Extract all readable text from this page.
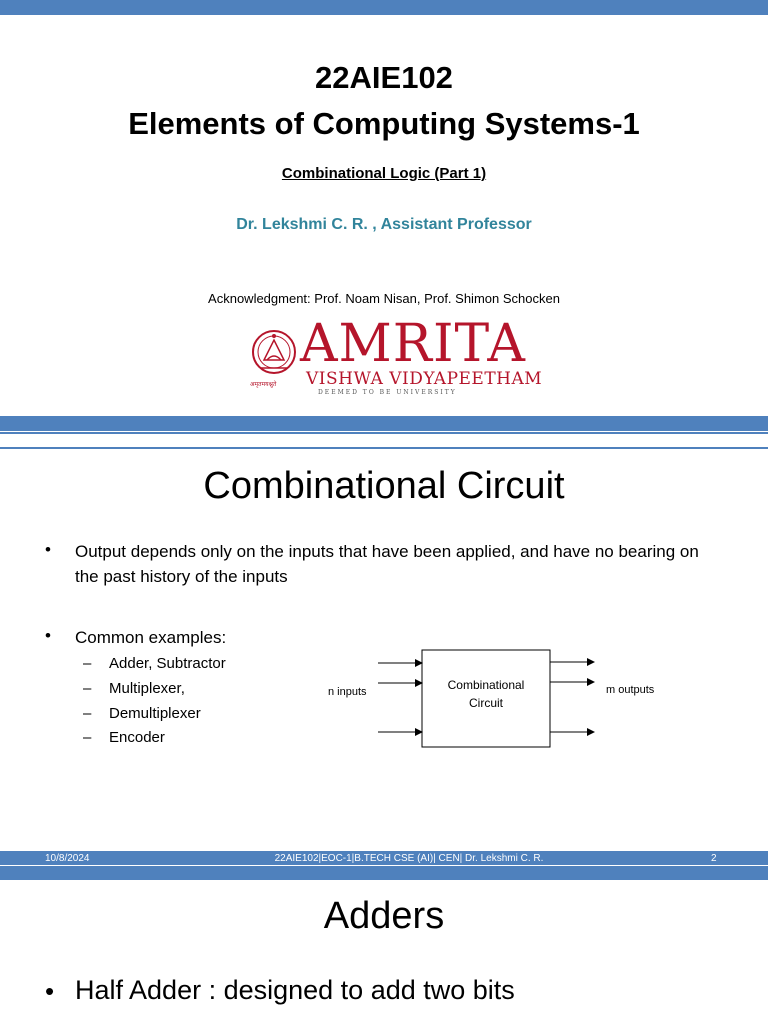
22AIE102
Elements of Computing Systems-1
Combinational Logic (Part 1)
Dr. Lekshmi C. R. , Assistant Professor
Acknowledgment: Prof. Noam Nisan, Prof. Shimon Schocken
AMRITA
VISHWA VIDYAPEETHAM
अमृतमयश्नुते
DEEMED TO BE UNIVERSITY
Combinational Circuit
• Output depends only on the inputs that have been applied, and have no bearing on the past history of the inputs
• Common examples:
– Adder, Subtractor
– Multiplexer,
– Demultiplexer
– Encoder
Combinational
Circuit
n inputs	m outputs
10/8/2024	22AIE102|EOC-1|B.TECH CSE (AI)| CEN| Dr. Lekshmi C. R.	2
Adders
• Half Adder : designed to add two bits
